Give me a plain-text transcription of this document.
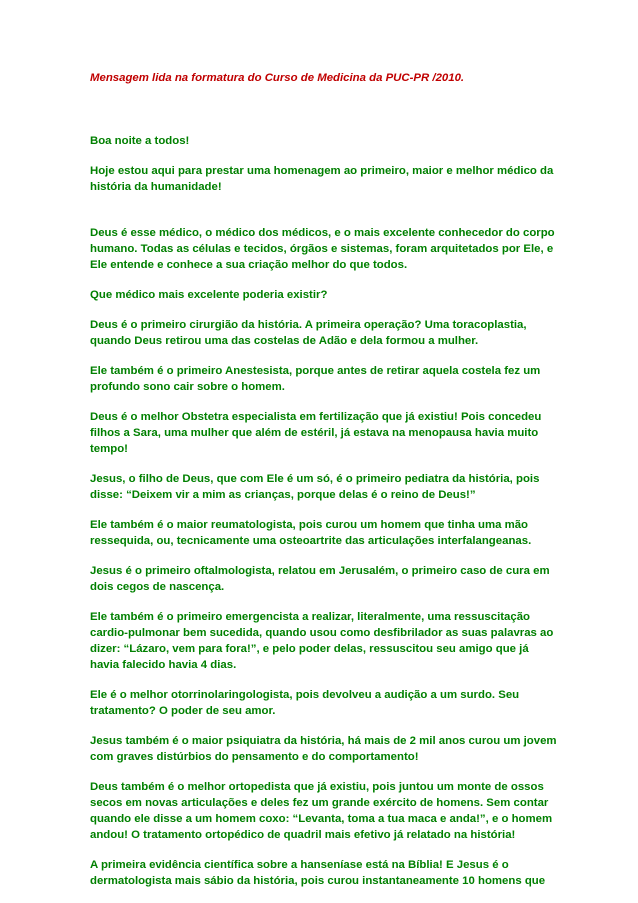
Mensagem lida na formatura do Curso de Medicina da PUC-PR /2010.

Boa noite a todos!

Hoje estou aqui para prestar uma homenagem ao primeiro, maior e melhor médico da história da humanidade!

Deus é esse médico, o médico dos médicos, e o mais excelente conhecedor do corpo humano. Todas as células e tecidos, órgãos e sistemas, foram arquitetados por Ele, e Ele entende e conhece a sua criação melhor do que todos.

Que médico mais excelente poderia existir?

Deus é o primeiro cirurgião da história. A primeira operação? Uma toracoplastia, quando Deus retirou uma das costelas de Adão e dela formou a mulher.

Ele também é o primeiro Anestesista, porque antes de retirar aquela costela fez um profundo sono cair sobre o homem.

Deus é o melhor Obstetra especialista em fertilização que já existiu! Pois concedeu filhos a Sara, uma mulher que além de estéril, já estava na menopausa havia muito tempo!

Jesus, o filho de Deus, que com Ele é um só, é o primeiro pediatra da história, pois disse: “Deixem vir a mim as crianças, porque delas é o reino de Deus!”

Ele também é o maior reumatologista, pois curou um homem que tinha uma mão ressequida, ou, tecnicamente uma osteoartrite das articulações interfalangeanas.

Jesus é o primeiro oftalmologista, relatou em Jerusalém, o primeiro caso de cura em dois cegos de nascença.

Ele também é o primeiro emergencista a realizar, literalmente, uma ressuscitação cardio-pulmonar bem sucedida, quando usou como desfibrilador as suas palavras ao dizer: “Lázaro, vem para fora!”, e pelo poder delas, ressuscitou seu amigo que já havia falecido havia 4 dias.

Ele é o melhor otorrinolaringologista, pois devolveu a audição a um surdo. Seu tratamento? O poder de seu amor.

Jesus também é o maior psiquiatra da história, há mais de 2 mil anos curou um jovem com graves distúrbios do pensamento e do comportamento!

Deus também é o melhor ortopedista que já existiu, pois juntou um monte de ossos secos em novas articulações e deles fez um grande exército de homens. Sem contar quando ele disse a um homem coxo: “Levanta, toma a tua maca e anda!”, e o homem andou! O tratamento ortopédico de quadril mais efetivo já relatado na história!

A primeira evidência científica sobre a hanseníase está na Bíblia! E Jesus é o dermatologista mais sábio da história, pois curou instantaneamente 10 homens que
